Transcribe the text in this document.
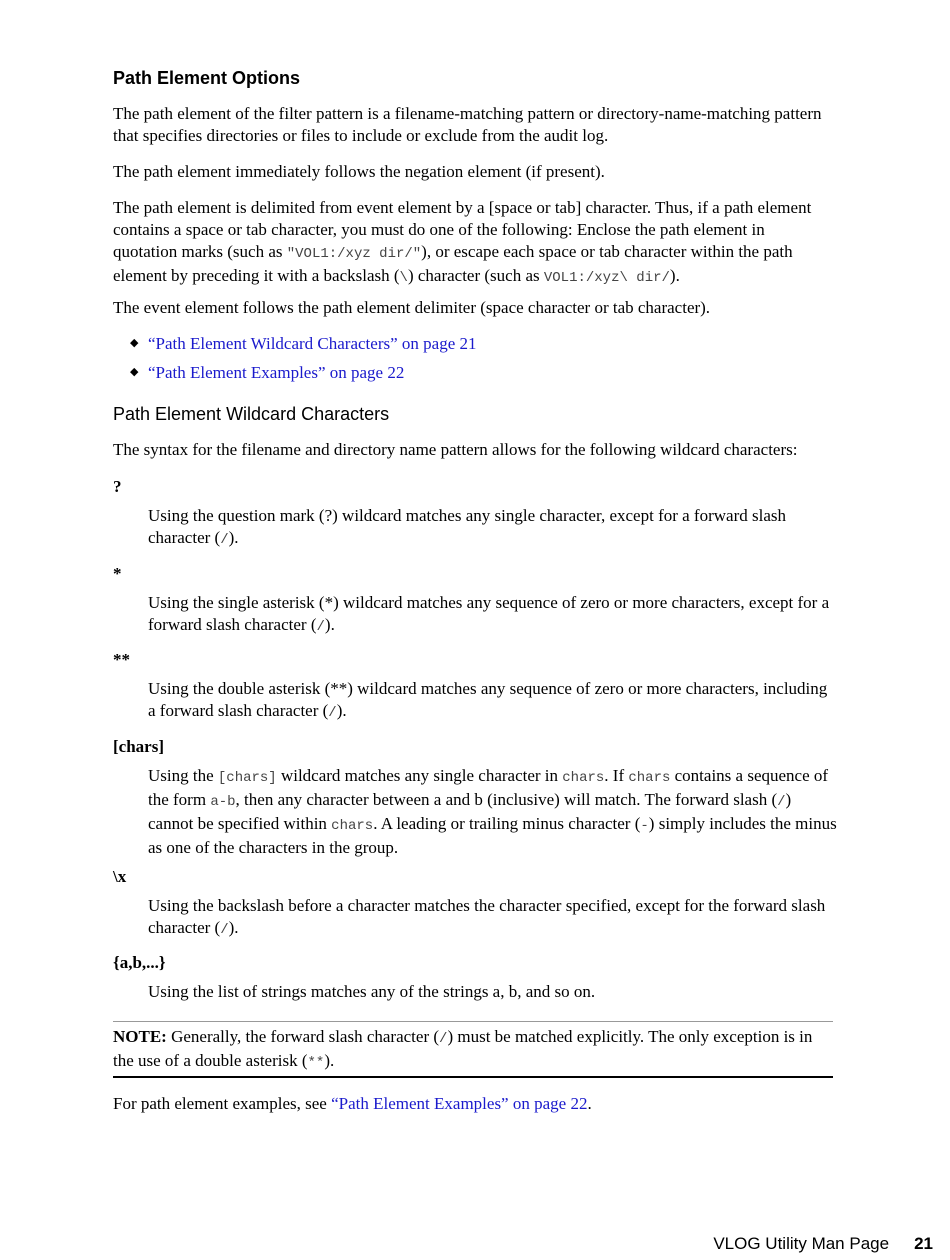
Path Element Options

The path element of the filter pattern is a filename-matching pattern or directory-name-matching pattern that specifies directories or files to include or exclude from the audit log.

The path element immediately follows the negation element (if present).

The path element is delimited from event element by a [space or tab] character. Thus, if a path element contains a space or tab character, you must do one of the following: Enclose the path element in quotation marks (such as "VOL1:/xyz dir/"), or escape each space or tab character within the path element by preceding it with a backslash (\) character (such as VOL1:/xyz\ dir/).

The event element follows the path element delimiter (space character or tab character).

◆ “Path Element Wildcard Characters” on page 21
◆ “Path Element Examples” on page 22
Path Element Wildcard Characters

The syntax for the filename and directory name pattern allows for the following wildcard characters:

?

Using the question mark (?) wildcard matches any single character, except for a forward slash character (/).

*

Using the single asterisk (*) wildcard matches any sequence of zero or more characters, except for a forward slash character (/).

**

Using the double asterisk (**) wildcard matches any sequence of zero or more characters, including a forward slash character (/).

[chars]

Using the [chars] wildcard matches any single character in chars. If chars contains a sequence of the form a-b, then any character between a and b (inclusive) will match. The forward slash (/) cannot be specified within chars. A leading or trailing minus character (-) simply includes the minus as one of the characters in the group.

\x

Using the backslash before a character matches the character specified, except for the forward slash character (/).

{a,b,...}

Using the list of strings matches any of the strings a, b, and so on.

NOTE: Generally, the forward slash character (/) must be matched explicitly. The only exception is in the use of a double asterisk (**).

For path element examples, see “Path Element Examples” on page 22.

VLOG Utility Man Page 21
